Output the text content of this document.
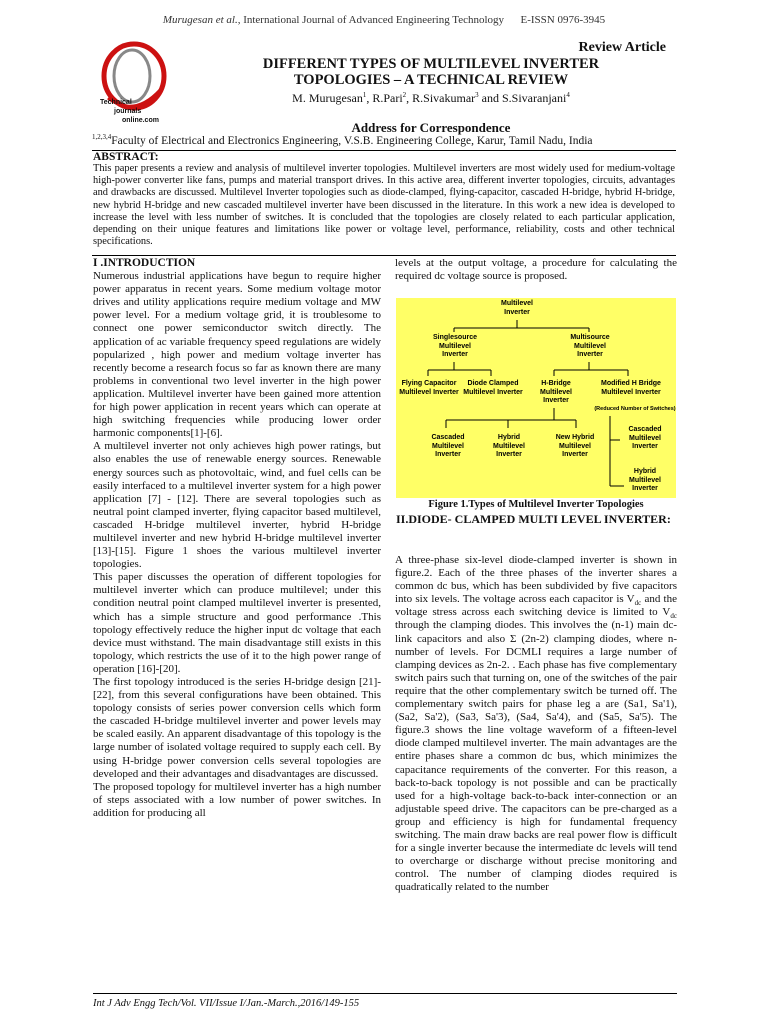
Murugesan et al., International Journal of Advanced Engineering Technology E-ISSN 0976-3945
Technical
journals
online.com
Review Article
DIFFERENT TYPES OF MULTILEVEL INVERTER
TOPOLOGIES – A TECHNICAL REVIEW
M. Murugesan$^1$, R.Pari$^2$, R.Sivakumar$^3$ and S.Sivaranjani$^4$
Address for Correspondence
$^{1,2,3,4}$Faculty of Electrical and Electronics Engineering, V.S.B. Engineering College, Karur, Tamil Nadu, India
ABSTRACT:
This paper presents a review and analysis of multilevel inverter topologies. Multilevel inverters are most widely used for medium-voltage high-power converter like fans, pumps and material transport drives. In this active area, different inverter topologies, circuits, advantages and drawbacks are discussed. Multilevel Inverter topologies such as diode-clamped, flying-capacitor, cascaded H-bridge, hybrid H-bridge, new hybrid H-bridge and new cascaded multilevel inverter have been discussed in the literature. In this work a new idea is developed to increase the level with less number of switches. It is concluded that the topologies are closely related to each particular application, depending on their unique features and limitations like power or voltage level, performance, reliability, costs and other technical specifications.

I .INTRODUCTION

Numerous industrial applications have begun to require higher power apparatus in recent years. Some medium voltage motor drives and utility applications require medium voltage and MW power level. For a medium voltage grid, it is troublesome to connect one power semiconductor switch directly. The application of ac variable frequency speed regulations are widely popularized , high power and medium voltage inverter has recently become a research focus so far as known there are many problems in conventional two level inverter in the high power application. Multilevel inverter have been gained more attention for high power application in recent years which can operate at high switching frequencies while producing lower order harmonic components[1]-[6].

A multilevel inverter not only achieves high power ratings, but also enables the use of renewable energy sources. Renewable energy sources such as photovoltaic, wind, and fuel cells can be easily interfaced to a multilevel inverter system for a high power application [7] - [12]. There are several topologies such as neutral point clamped inverter, flying capacitor based multilevel, cascaded H-bridge multilevel inverter, hybrid H-bridge multilevel inverter and new hybrid H-bridge multilevel inverter [13]-[15]. Figure 1 shoes the various multilevel inverter topologies.

This paper discusses the operation of different topologies for multilevel inverter which can produce multilevel; under this condition neutral point clamped multilevel inverter is presented, which has a simple structure and good performance .This topology effectively reduce the higher input dc voltage that each device must withstand. The main disadvantage still exists in this topology, which restricts the use of it to the high power range of operation [16]-[20].

The first topology introduced is the series H-bridge design [21]-[22], from this several configurations have been obtained. This topology consists of series power conversion cells which form the cascaded H-bridge multilevel inverter and power levels may be scaled easily. An apparent disadvantage of this topology is the large number of isolated voltage required to supply each cell. By using H-bridge power conversion cells several topologies are developed and their advantages and disadvantages are discussed.

The proposed topology for multilevel inverter has a high number of steps associated with a low number of power switches. In addition for producing all

levels at the output voltage, a procedure for calculating the required dc voltage source is proposed.

Multilevel Inverter
Singlesource Multilevel Inverter
Multisource Multilevel Inverter
Flying Capacitor Multilevel Inverter
Diode Clamped Multilevel Inverter
H-Bridge Multilevel Inverter
Modified H Bridge Multilevel Inverter
(Reduced Number of Switches)
Cascaded Multilevel Inverter
Hybrid Multilevel Inverter
New Hybrid Multilevel Inverter
Cascaded Multilevel Inverter
Hybrid Multilevel Inverter
Figure 1.Types of Multilevel Inverter Topologies
II.DIODE- CLAMPED MULTI LEVEL INVERTER:

A three-phase six-level diode-clamped inverter is shown in figure.2. Each of the three phases of the inverter shares a common dc bus, which has been subdivided by five capacitors into six levels. The voltage across each capacitor is $V_{dc}$ and the voltage stress across each switching device is limited to $V_{dc}$ through the clamping diodes. This involves the (n-1) main dc-link capacitors and also Σ (2n-2) clamping diodes, where n-number of levels. For DCMLI requires a large number of clamping devices as 2n-2. . Each phase has five complementary switch pairs such that turning on, one of the switches of the pair require that the other complementary switch be turned off. The complementary switch pairs for phase leg a are (Sa1, Sa'1), (Sa2, Sa'2), (Sa3, Sa'3), (Sa4, Sa'4), and (Sa5, Sa'5). The figure.3 shows the line voltage waveform of a fifteen-level diode clamped multilevel inverter. The main advantages are the entire phases share a common dc bus, which minimizes the capacitance requirements of the converter. For this reason, a back-to-back topology is not possible and can be practically used for a high-voltage back-to-back inter-connection or an adjustable speed drive. The capacitors can be pre-charged as a group and efficiency is high for fundamental frequency switching. The main draw backs are real power flow is difficult for a single inverter because the intermediate dc levels will tend to overcharge or discharge without precise monitoring and control. The number of clamping diodes required is quadratically related to the number

Int J Adv Engg Tech/Vol. VII/Issue I/Jan.-March.,2016/149-155
